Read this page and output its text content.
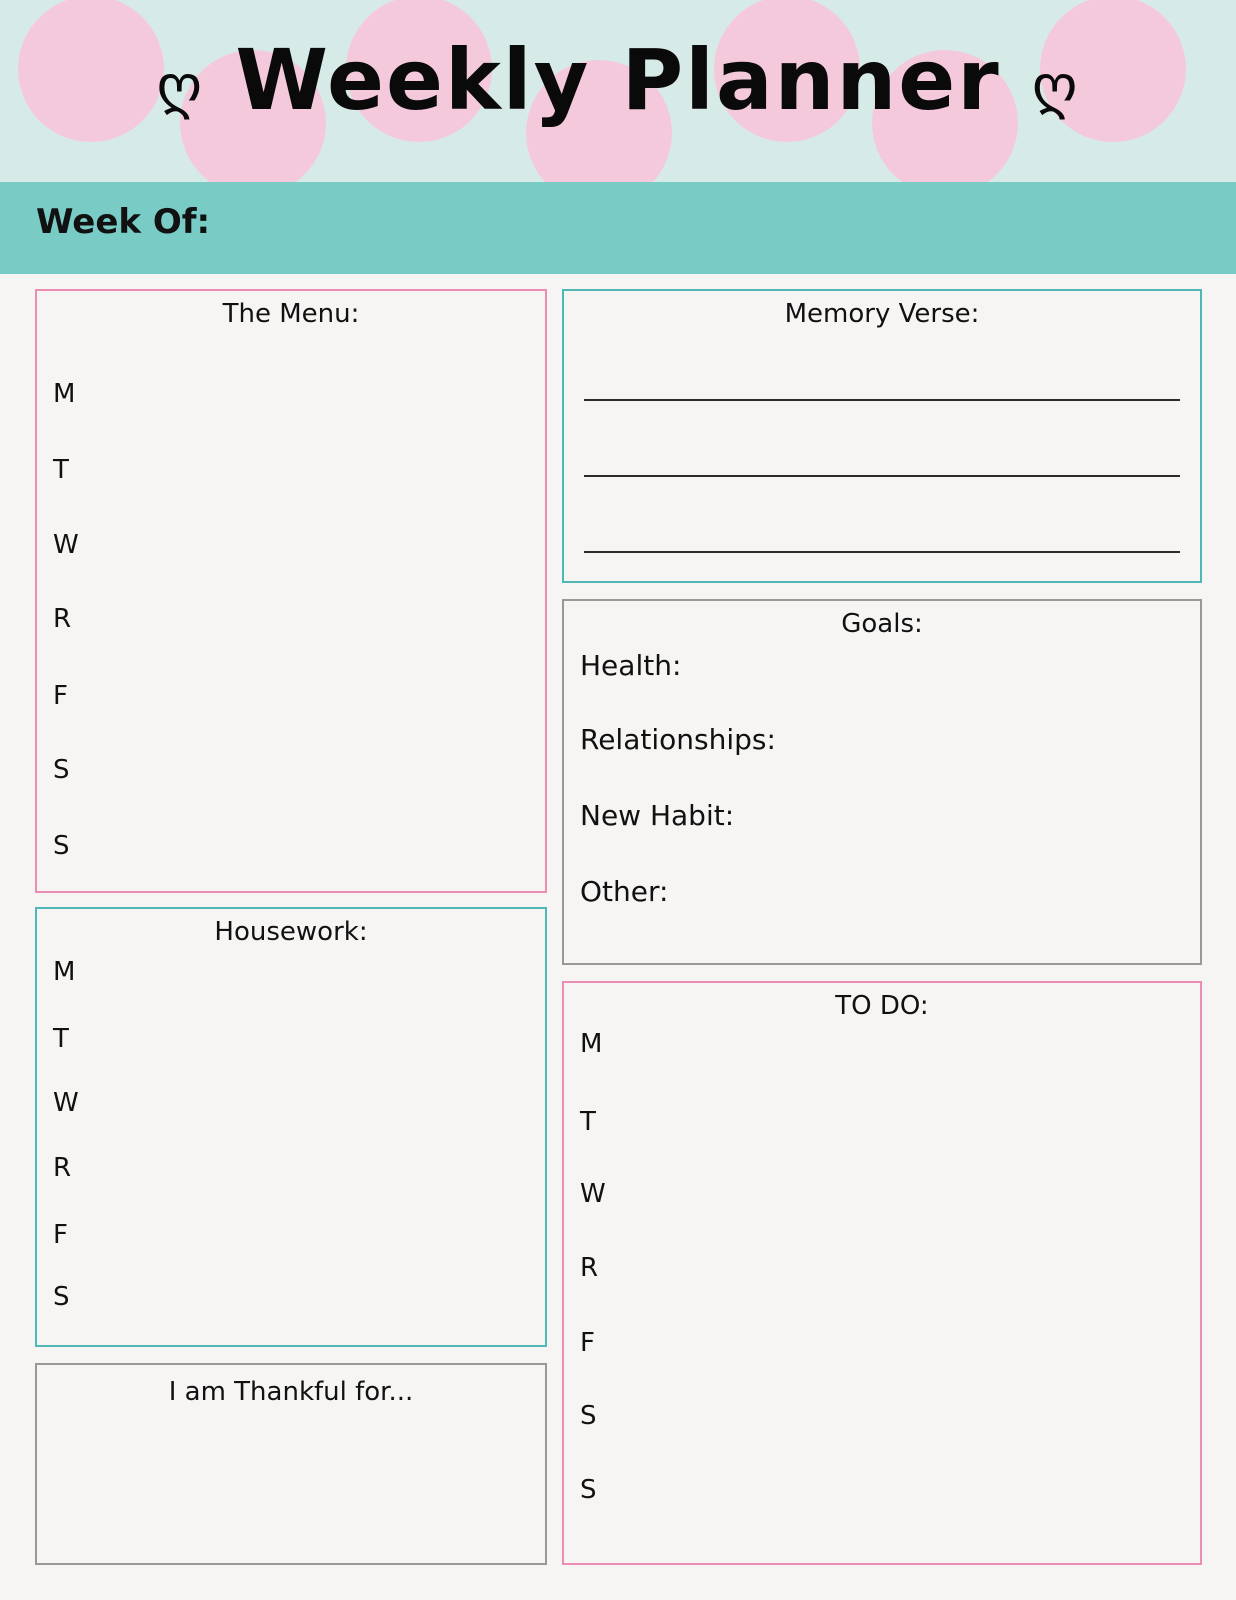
ღ Weekly Planner ღ
Week Of:
The Menu:
M
T
W
R
F
S
S
Memory Verse:
Goals:
Health:
Relationships:
New Habit:
Other:
Housework:
M
T
W
R
F
S
TO DO:
M
T
W
R
F
S
S
I am Thankful for...
